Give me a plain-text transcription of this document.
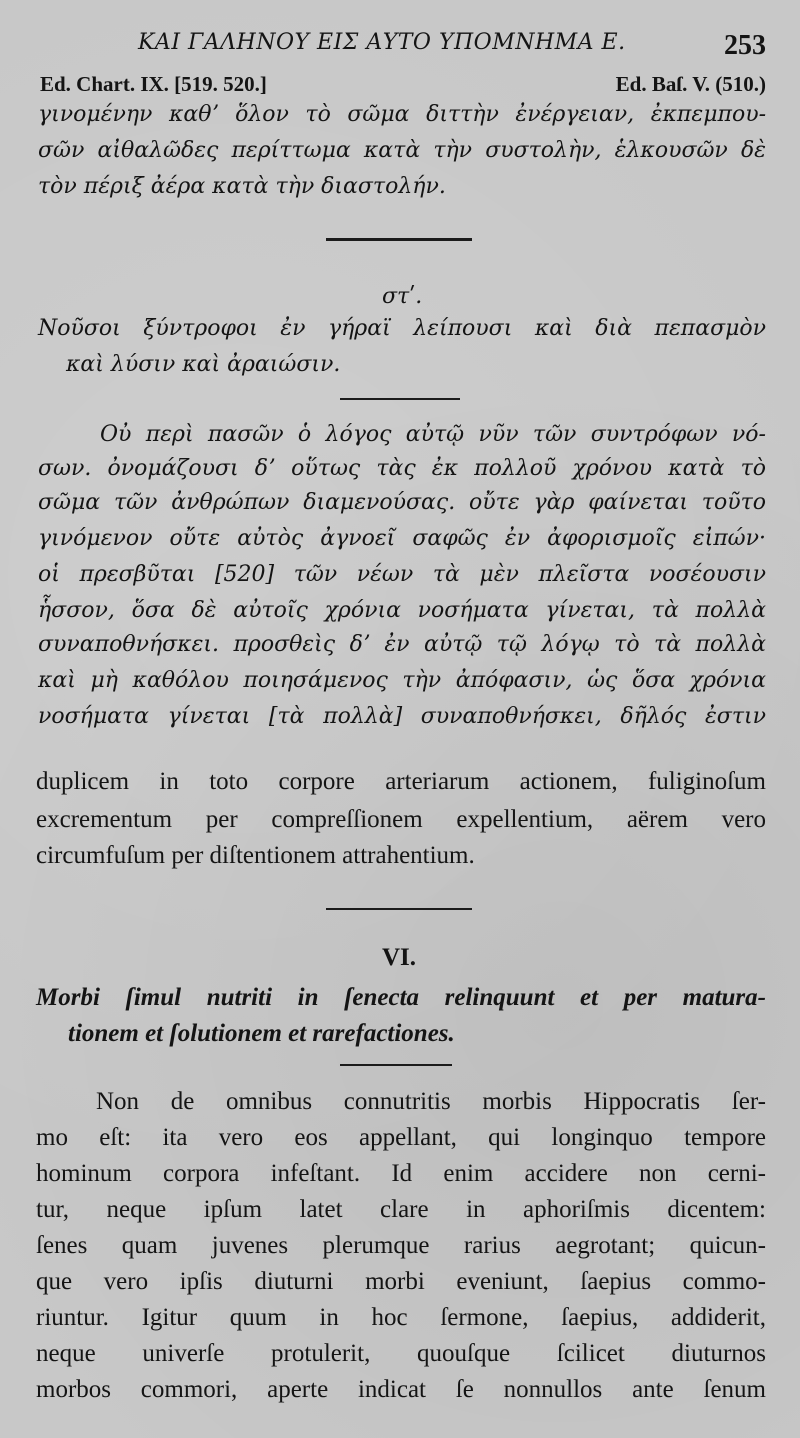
ΚΑΙ ΓΑΛΗΝΟΥ ΕΙΣ ΑΥΤΟ ΥΠΟΜΝΗΜΑ Ε.	253
Ed. Chart. IX. [519. 520.]	Ed. Baſ. V. (510.)
γινομένην καθʼ ὅλον τὸ σῶμα διττὴν ἐνέργειαν, ἐκπεμπου-
σῶν αἰθαλῶδες περίττωμα κατὰ τὴν συστολὴν, ἑλκουσῶν δὲ
τὸν πέριξ ἀέρα κατὰ τὴν διαστολήν.
στʹ.
Νοῦσοι ξύντροφοι ἐν γήραϊ λείπουσι καὶ διὰ πεπασμὸν
καὶ λύσιν καὶ ἀραιώσιν.
Οὐ περὶ πασῶν ὁ λόγος αὐτῷ νῦν τῶν συντρόφων νό-
σων. ὀνομάζουσι δʼ οὕτως τὰς ἐκ πολλοῦ χρόνου κατὰ τὸ
σῶμα τῶν ἀνθρώπων διαμενούσας. οὔτε γὰρ φαίνεται τοῦτο
γινόμενον οὔτε αὐτὸς ἀγνοεῖ σαφῶς ἐν ἀφορισμοῖς εἰπών·
οἱ πρεσβῦται [520] τῶν νέων τὰ μὲν πλεῖστα νοσέουσιν
ἧσσον, ὅσα δὲ αὐτοῖς χρόνια νοσήματα γίνεται, τὰ πολλὰ
συναποθνήσκει. προσθεὶς δʼ ἐν αὐτῷ τῷ λόγῳ τὸ τὰ πολλὰ
καὶ μὴ καθόλου ποιησάμενος τὴν ἀπόφασιν, ὡς ὅσα χρόνια
νοσήματα γίνεται [τὰ πολλὰ] συναποθνήσκει, δῆλός ἐστιν
duplicem in toto corpore arteriarum actionem, fuliginoſum
excrementum per compreſſionem expellentium, aërem vero
circumfuſum per diſtentionem attrahentium.
VI.
Morbi ſimul nutriti in ſenecta relinquunt et per matura-
tionem et ſolutionem et rarefactiones.
Non de omnibus connutritis morbis Hippocratis ſer-
mo eſt: ita vero eos appellant, qui longinquo tempore
hominum corpora infeſtant. Id enim accidere non cerni-
tur, neque ipſum latet clare in aphoriſmis dicentem:
ſenes quam juvenes plerumque rarius aegrotant; quicun-
que vero ipſis diuturni morbi eveniunt, ſaepius commo-
riuntur. Igitur quum in hoc ſermone, ſaepius, addiderit,
neque univerſe protulerit, quouſque ſcilicet diuturnos
morbos commori, aperte indicat ſe nonnullos ante ſenum
